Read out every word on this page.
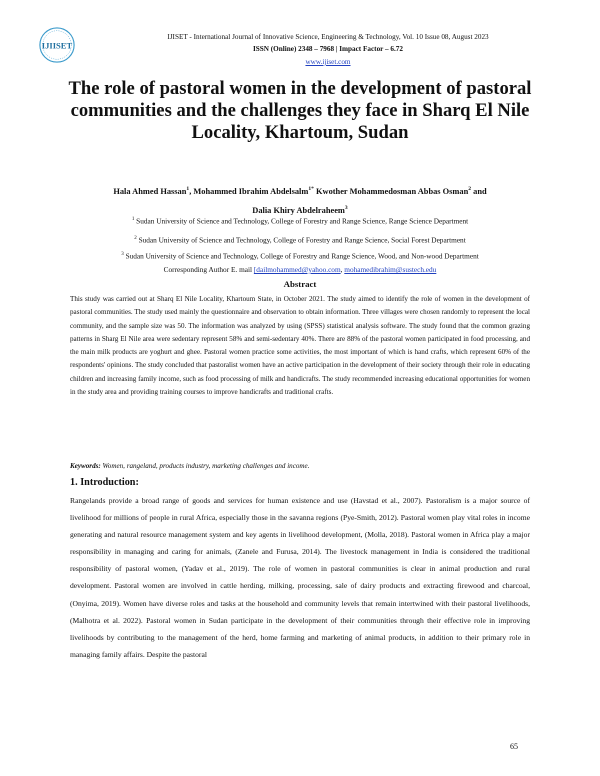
IJIISET
IJISET - International Journal of Innovative Science, Engineering & Technology, Vol. 10 Issue 08, August 2023
ISSN (Online) 2348 – 7968 | Impact Factor – 6.72
www.ijiset.com
The role of pastoral women in the development of pastoral communities and the challenges they face in Sharq El Nile Locality, Khartoum, Sudan
Hala Ahmed Hassan$^1$, Mohammed Ibrahim Abdelsalm$^{1*}$ Kwother Mohammedosman Abbas Osman$^2$ and
Dalia Khiry Abdelraheem$^3$
$^1$ Sudan University of Science and Technology, College of Forestry and Range Science, Range Science Department
$^2$ Sudan University of Science and Technology, College of Forestry and Range Science, Social Forest Department
$^3$ Sudan University of Science and Technology, College of Forestry and Range Science, Wood, and Non-wood Department
Corresponding Author E. mail [dailmohammed@yahoo.com, mohamedibrahim@sustech.edu
Abstract
This study was carried out at Sharq El Nile Locality, Khartoum State, in October 2021. The study aimed to identify the role of women in the development of pastoral communities. The study used mainly the questionnaire and observation to obtain information. Three villages were chosen randomly to represent the local community, and the sample size was 50. The information was analyzed by using (SPSS) statistical analysis software. The study found that the common grazing patterns in Sharg El Nile area were sedentary represent 58% and semi-sedentary 40%. There are 88% of the pastoral women participated in food processing, and the main milk products are yoghurt and ghee. Pastoral women practice some activities, the most important of which is hand crafts, which represent 60% of the respondents' opinions. The study concluded that pastoralist women have an active participation in the development of their society through their role in educating children and increasing family income, such as food processing of milk and handicrafts. The study recommended increasing educational opportunities for women in the study area and providing training courses to improve handicrafts and traditional crafts.
Keywords: Women, rangeland, products industry, marketing challenges and income.
1. Introduction:
Rangelands provide a broad range of goods and services for human existence and use (Havstad et al., 2007). Pastoralism is a major source of livelihood for millions of people in rural Africa, especially those in the savanna regions (Pye-Smith, 2012). Pastoral women play vital roles in income generating and natural resource management system and key agents in livelihood development, (Molla, 2018). Pastoral women in Africa play a major responsibility in managing and caring for animals, (Zanele and Furusa, 2014). The livestock management in India is considered the traditional responsibility of pastoral women, (Yadav et al., 2019). The role of women in pastoral communities is clear in animal production and rural development. Pastoral women are involved in cattle herding, milking, processing, sale of dairy products and extracting firewood and charcoal, (Onyima, 2019). Women have diverse roles and tasks at the household and community levels that remain intertwined with their pastoral livelihoods, (Malhotra et al. 2022). Pastoral women in Sudan participate in the development of their communities through their effective role in improving livelihoods by contributing to the management of the herd, home farming and marketing of animal products, in addition to their primary role in managing family affairs. Despite the pastoral
65
